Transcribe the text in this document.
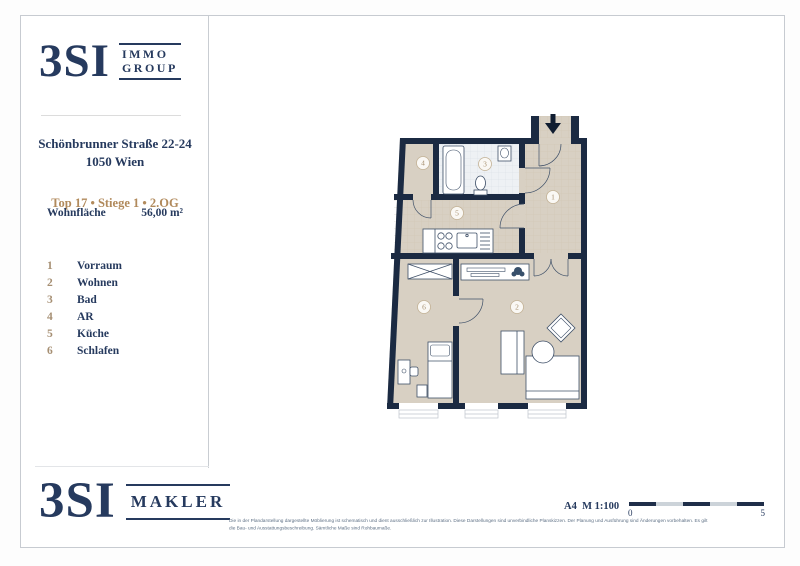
3SI IMMO
GROUP
Schönbrunner Straße 22-24
1050 Wien
Top 17 • Stiege 1 • 2.OG
Wohnfläche	56,00 m²
1	Vorraum
2	Wohnen
3	Bad
4	AR
5	Küche
6	Schlafen
1
2
3
4
5
6
3SI MAKLER
Die in der Plandarstellung dargestellte Möblierung ist schematisch und dient ausschließlich zur Illustration. Diese Darstellungen sind unverbindliche Planskizzen. Der Planung und Ausführung sind Änderungen vorbehalten. Es gilt
die Bau- und Ausstattungsbeschreibung. Sämtliche Maße sind Rohbaumaße.
A4  M 1:100
0	5
